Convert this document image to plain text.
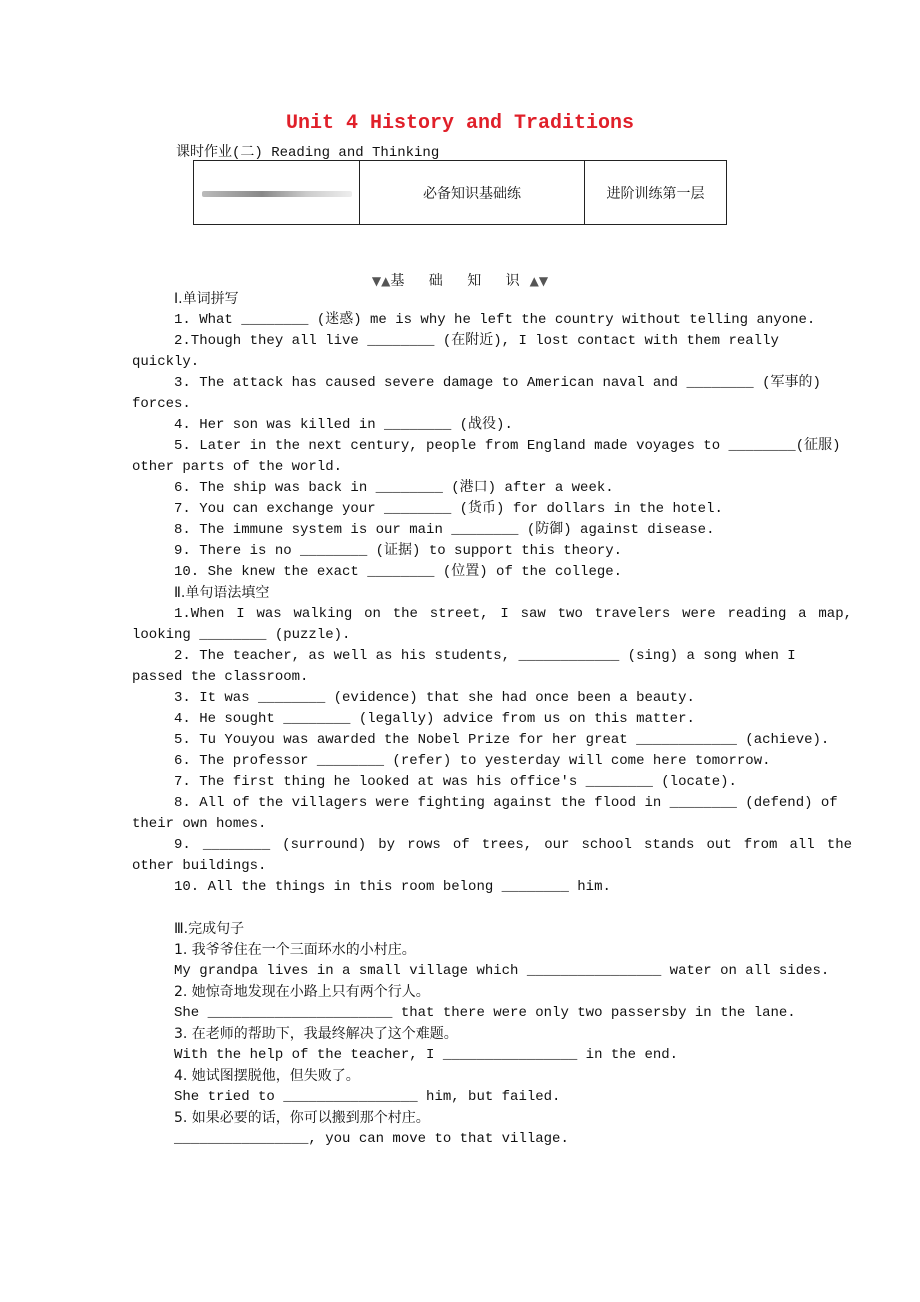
Unit 4 History and Traditions
课时作业(二) Reading and Thinking
	必备知识基础练	进阶训练第一层
▼▲基 础 知 识▲▼

Ⅰ.单词拼写

1. What ________ (迷惑) me is why he left the country without telling anyone.

2.Though they all live ________ (在附近), I lost contact with them really quickly.

3. The attack has caused severe damage to American naval and ________ (军事的) forces.

4. Her son was killed in ________ (战役).

5. Later in the next century, people from England made voyages to ________(征服) other parts of the world.

6. The ship was back in ________ (港口) after a week.

7. You can exchange your ________ (货币) for dollars in the hotel.

8. The immune system is our main ________ (防御) against disease.

9. There is no ________ (证据) to support this theory.

10. She knew the exact ________ (位置) of the college.

Ⅱ.单句语法填空

1.When I was walking on the street, I saw two travelers were reading a map, looking ________ (puzzle).

2. The teacher, as well as his students, ____________ (sing) a song when I passed the classroom.

3. It was ________ (evidence) that she had once been a beauty.

4. He sought ________ (legally) advice from us on this matter.

5. Tu Youyou was awarded the Nobel Prize for her great ____________ (achieve).

6. The professor ________ (refer) to yesterday will come here tomorrow.

7. The first thing he looked at was his office's ________ (locate).

8. All of the villagers were fighting against the flood in ________ (defend) of their own homes.

9. ________ (surround) by rows of trees, our school stands out from all the other buildings.

10. All the things in this room belong ________ him.

Ⅲ.完成句子

1. 我爷爷住在一个三面环水的小村庄。

My grandpa lives in a small village which ________________ water on all sides.

2. 她惊奇地发现在小路上只有两个行人。

She ______________________ that there were only two passersby in the lane.

3. 在老师的帮助下，我最终解决了这个难题。

With the help of the teacher, I ________________ in the end.

4. 她试图摆脱他，但失败了。

She tried to ________________ him, but failed.

5. 如果必要的话，你可以搬到那个村庄。

________________, you can move to that village.
